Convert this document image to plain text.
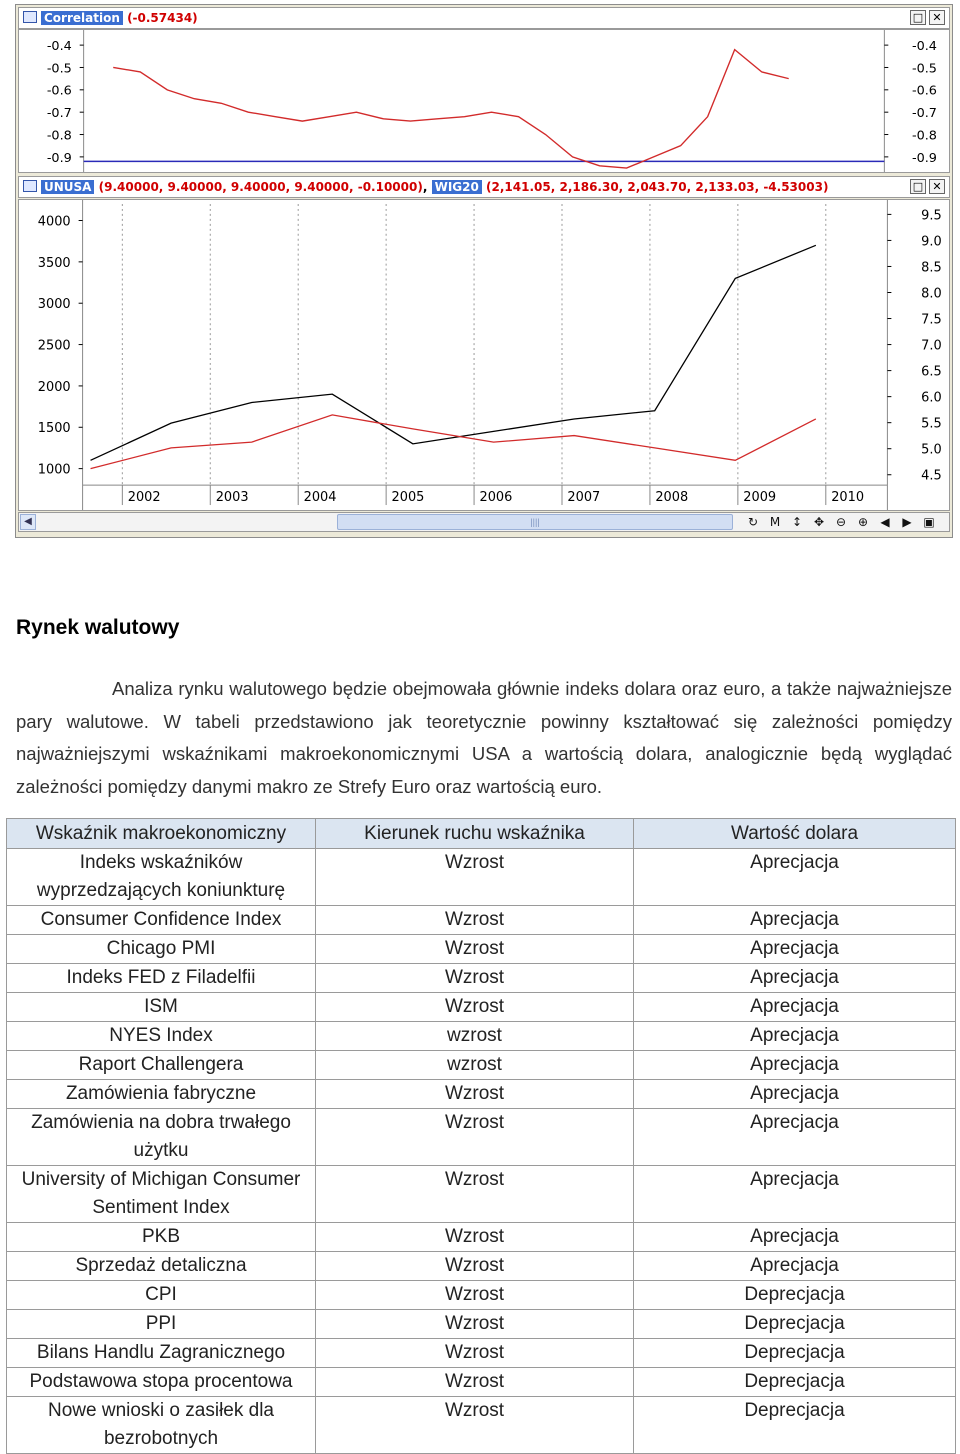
Correlation (-0.57434)	□ ✕
-0.4	-0.4
-0.5	-0.5
-0.6	-0.6
-0.7	-0.7
-0.8	-0.8
-0.9	-0.9
UNUSA (9.40000, 9.40000, 9.40000, 9.40000, -0.10000), WIG20 (2,141.05, 2,186.30, 2,043.70, 2,133.03, -4.53003)	□ ✕
4000
3500
3000
2500
2000
1500
1000
9.5
9.0
8.5
8.0
7.5
7.0
6.5
6.0
5.5
5.0
4.5
2002	2003	2004	2005	2006	2007	2008	2009	2010
◀	||||	↻ M ↕ ✥ ⊖ ⊕ ◀ ▶ ▣
Rynek walutowy

Analiza rynku walutowego będzie obejmowała głównie indeks dolara oraz euro, a także najważniejsze pary walutowe. W tabeli przedstawiono jak teoretycznie powinny kształtować się zależności pomiędzy najważniejszymi wskaźnikami makroekonomicznymi USA a wartością dolara, analogicznie będą wyglądać zależności pomiędzy danymi makro ze Strefy Euro oraz wartością euro.

Wskaźnik makroekonomiczny	Kierunek ruchu wskaźnika	Wartość dolara
Indeks wskaźników wyprzedzających koniunkturę	Wzrost	Aprecjacja
Consumer Confidence Index	Wzrost	Aprecjacja
Chicago PMI	Wzrost	Aprecjacja
Indeks FED z Filadelfii	Wzrost	Aprecjacja
ISM	Wzrost	Aprecjacja
NYES Index	wzrost	Aprecjacja
Raport Challengera	wzrost	Aprecjacja
Zamówienia fabryczne	Wzrost	Aprecjacja
Zamówienia na dobra trwałego użytku	Wzrost	Aprecjacja
University of Michigan Consumer Sentiment Index	Wzrost	Aprecjacja
PKB	Wzrost	Aprecjacja
Sprzedaż detaliczna	Wzrost	Aprecjacja
CPI	Wzrost	Deprecjacja
PPI	Wzrost	Deprecjacja
Bilans Handlu Zagranicznego	Wzrost	Deprecjacja
Podstawowa stopa procentowa	Wzrost	Deprecjacja
Nowe wnioski o zasiłek dla bezrobotnych	Wzrost	Deprecjacja
